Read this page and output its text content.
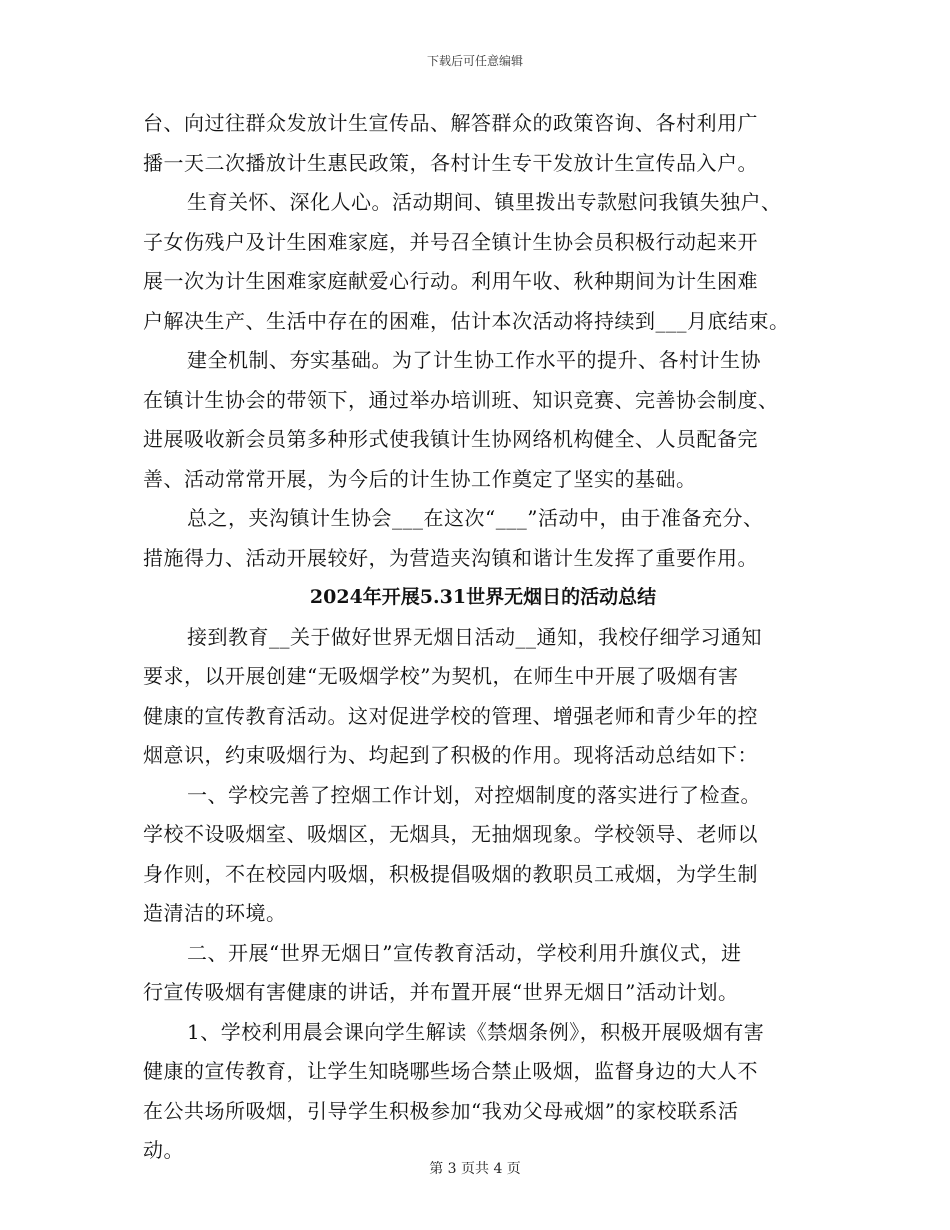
下载后可任意编辑
台、向过往群众发放计生宣传品、解答群众的政策咨询、各村利用广
播一天二次播放计生惠民政策，各村计生专干发放计生宣传品入户。
生育关怀、深化人心。活动期间、镇里拨出专款慰问我镇失独户、
子女伤残户及计生困难家庭，并号召全镇计生协会员积极行动起来开
展一次为计生困难家庭献爱心行动。利用午收、秋种期间为计生困难
户解决生产、生活中存在的困难，估计本次活动将持续到___月底结束。
建全机制、夯实基础。为了计生协工作水平的提升、各村计生协
在镇计生协会的带领下，通过举办培训班、知识竞赛、完善协会制度、
进展吸收新会员第多种形式使我镇计生协网络机构健全、人员配备完
善、活动常常开展，为今后的计生协工作奠定了坚实的基础。
总之，夹沟镇计生协会___在这次“___”活动中，由于准备充分、
措施得力、活动开展较好，为营造夹沟镇和谐计生发挥了重要作用。
2024年开展5.31世界无烟日的活动总结
接到教育__关于做好世界无烟日活动__通知，我校仔细学习通知
要求，以开展创建“无吸烟学校”为契机，在师生中开展了吸烟有害
健康的宣传教育活动。这对促进学校的管理、增强老师和青少年的控
烟意识，约束吸烟行为、均起到了积极的作用。现将活动总结如下：
一、学校完善了控烟工作计划，对控烟制度的落实进行了检查。
学校不设吸烟室、吸烟区，无烟具，无抽烟现象。学校领导、老师以
身作则，不在校园内吸烟，积极提倡吸烟的教职员工戒烟，为学生制
造清洁的环境。
二、开展“世界无烟日”宣传教育活动，学校利用升旗仪式，进
行宣传吸烟有害健康的讲话，并布置开展“世界无烟日”活动计划。
1、学校利用晨会课向学生解读《禁烟条例》，积极开展吸烟有害
健康的宣传教育，让学生知晓哪些场合禁止吸烟，监督身边的大人不
在公共场所吸烟，引导学生积极参加“我劝父母戒烟”的家校联系活
动。
第 3 页共 4 页
